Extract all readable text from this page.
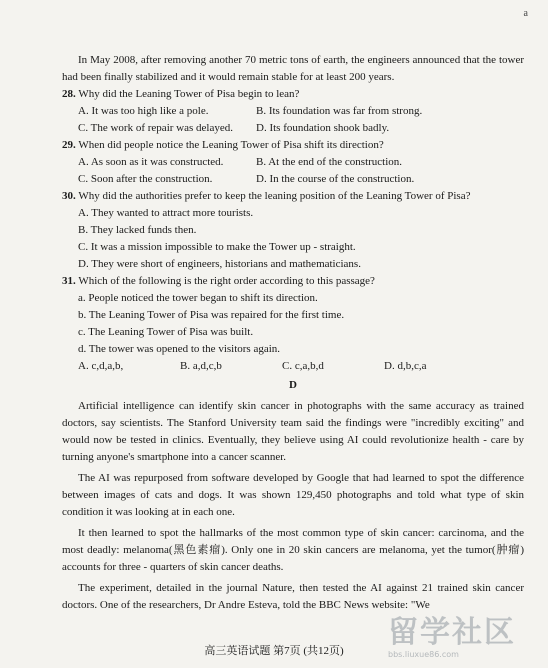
a

In May 2008, after removing another 70 metric tons of earth, the engineers announced that the tower had been finally stabilized and it would remain stable for at least 200 years.

28. Why did the Leaning Tower of Pisa begin to lean?

A. It was too high like a pole.	B. Its foundation was far from strong.
C. The work of repair was delayed.	D. Its foundation shook badly.

29. When did people notice the Leaning Tower of Pisa shift its direction?

A. As soon as it was constructed.	B. At the end of the construction.
C. Soon after the construction.	D. In the course of the construction.

30. Why did the authorities prefer to keep the leaning position of the Leaning Tower of Pisa?

A. They wanted to attract more tourists.

B. They lacked funds then.

C. It was a mission impossible to make the Tower up - straight.

D. They were short of engineers, historians and mathematicians.

31. Which of the following is the right order according to this passage?

a. People noticed the tower began to shift its direction.

b. The Leaning Tower of Pisa was repaired for the first time.

c. The Leaning Tower of Pisa was built.

d. The tower was opened to the visitors again.

A. c,d,a,b,	B. a,d,c,b	C. c,a,b,d	D. d,b,c,a
D

Artificial intelligence can identify skin cancer in photographs with the same accuracy as trained doctors, say scientists. The Stanford University team said the findings were "incredibly exciting" and would now be tested in clinics. Eventually, they believe using AI could revolutionize health - care by turning anyone's smartphone into a cancer scanner.

The AI was repurposed from software developed by Google that had learned to spot the difference between images of cats and dogs. It was shown 129,450 photographs and told what type of skin condition it was looking at in each one.

It then learned to spot the hallmarks of the most common type of skin cancer: carcinoma, and the most deadly: melanoma(黑色素瘤). Only one in 20 skin cancers are melanoma, yet the tumor(肿瘤) accounts for three - quarters of skin cancer deaths.

The experiment, detailed in the journal Nature, then tested the AI against 21 trained skin cancer doctors. One of the researchers, Dr Andre Esteva, told the BBC News website: "We

高三英语试题 第7页 (共12页)
留学社区
bbs.liuxue86.com
